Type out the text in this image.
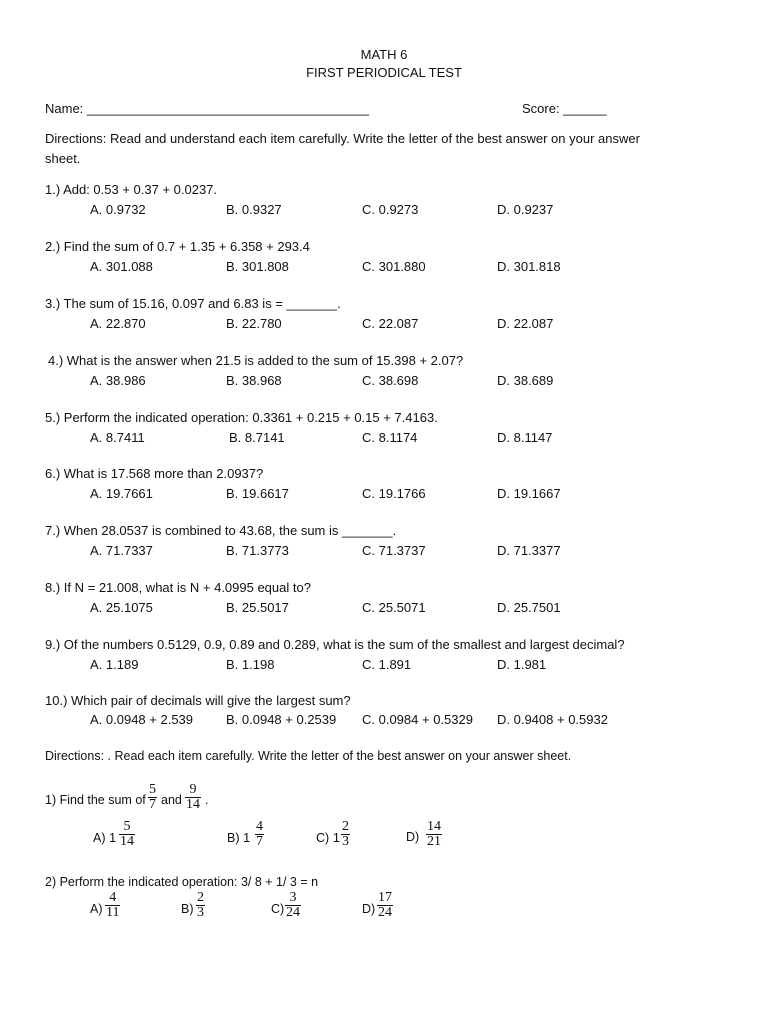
MATH 6
FIRST PERIODICAL TEST
Name: _______________________________________	Score: ______
Directions: Read and understand each item carefully. Write the letter of the best answer on your answer
sheet.
1.) Add: 0.53 + 0.37 + 0.0237.
A. 0.9732	B. 0.9327	C. 0.9273	D. 0.9237
2.) Find the sum of 0.7 + 1.35 + 6.358 + 293.4
A. 301.088	B. 301.808	C. 301.880	D. 301.818
3.) The sum of 15.16, 0.097 and 6.83 is = _______.
A. 22.870	B. 22.780	C. 22.087	D. 22.087
4.) What is the answer when 21.5 is added to the sum of 15.398 + 2.07?
A. 38.986	B. 38.968	C. 38.698	D. 38.689
5.) Perform the indicated operation: 0.3361 + 0.215 + 0.15 + 7.4163.
A. 8.7411	B. 8.7141	C. 8.1174	D. 8.1147
6.) What is 17.568 more than 2.0937?
A. 19.7661	B. 19.6617	C. 19.1766	D. 19.1667
7.) When 28.0537 is combined to 43.68, the sum is _______.
A. 71.7337	B. 71.3773	C. 71.3737	D. 71.3377
8.) If N = 21.008, what is N + 4.0995 equal to?
A. 25.1075	B. 25.5017	C. 25.5071	D. 25.7501
9.) Of the numbers 0.5129, 0.9, 0.89 and 0.289, what is the sum of the smallest and largest decimal?
A. 1.189	B. 1.198	C. 1.891	D. 1.981
10.) Which pair of decimals will give the largest sum?
A. 0.0948 + 2.539	B. 0.0948 + 0.2539 C. 0.0984 + 0.5329 D. 0.9408 + 0.5932
Directions: . Read each item carefully. Write the letter of the best answer on your answer sheet.
1) Find the sum of $\frac{5}{7}$ and $\frac{9}{14}$ .
A) $1 \frac{5}{14}$	B) $1 \frac{4}{7}$	C) $1 \frac{2}{3}$	$D) \frac{14}{21}$
2) Perform the indicated operation: 3/ 8 + 1/ 3 = n
$A) \frac{4}{11}$	$B) \frac{2}{3}$	$C) \frac{3}{24}$	$D) \frac{17}{24}$
